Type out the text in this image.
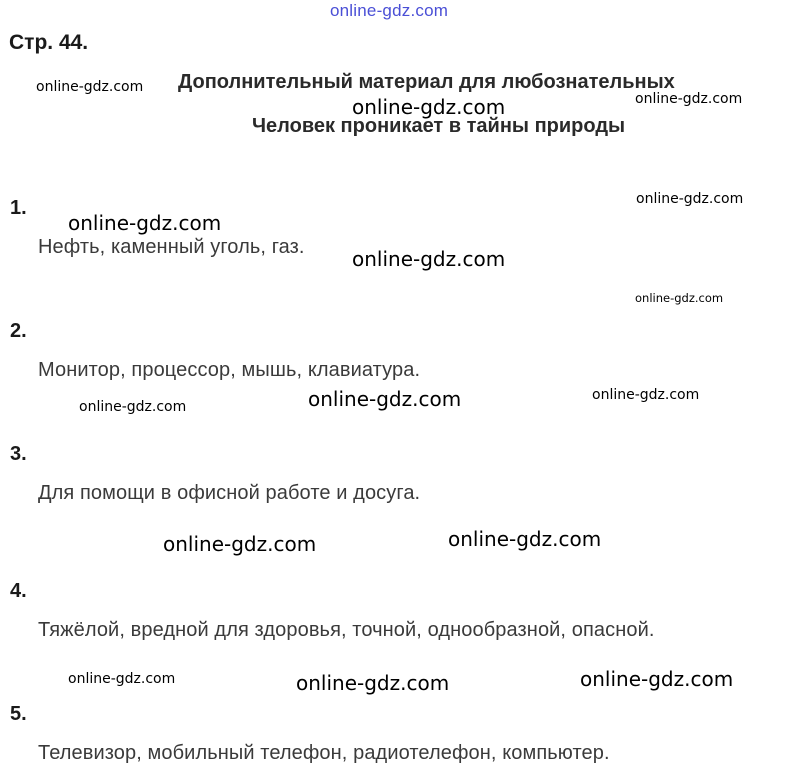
online-gdz.com
Стр. 44.
Дополнительный материал для любознательных
Человек проникает в тайны природы
1.
Нефть, каменный уголь, газ.
2.
Монитор, процессор, мышь, клавиатура.
3.
Для помощи в офисной работе и досуга.
4.
Тяжёлой, вредной для здоровья, точной, однообразной, опасной.
5.
Телевизор, мобильный телефон, радиотелефон, компьютер.
online-gdz.com
online-gdz.com	online-gdz.com
online-gdz.com
online-gdz.com
online-gdz.com
online-gdz.com
online-gdz.com	online-gdz.com	online-gdz.com
online-gdz.com	online-gdz.com
online-gdz.com	online-gdz.com	online-gdz.com
